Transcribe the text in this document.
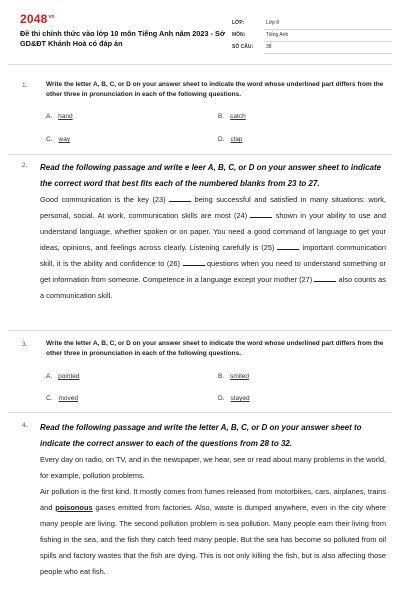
$2048^{vn}$
Đề thi chính thức vào lớp 10 môn Tiếng Anh năm 2023 - Sở GD&ĐT Khánh Hoà có đáp án
LỚP:	Lớp 9
MÔN:	Tiếng Anh
SỐ CÂU:	38
1.	Write the letter A, B, C, or D on your answer sheet to indicate the word whose underlined part differs from the other three in pronunciation in each of the following questions.
A. hand	B. catch
C. way	D. clap
2. Read the following passage and write e leer A, B, C, or D on your answer sheet to indicate the correct word that best fits each of the numbered blanks from 23 to 27.
Good communication is the key (23)	being successful and satisfied in many situations: work, personal, social. At work, communication skills are most (24)	shown in your ability to use and understand language, whether spoken or on paper. You need a good command of language to get your ideas, opinions, and feelings across clearly. Listening carefully is (25)	important communication skill, it is the ability and confidence to (26)	questions when you need to understand something or get information from someone. Competence in a language except your mother (27)	also counts as a communication skill.
3.	Write the letter A, B, C, or D on your answer sheet to indicate the word whose underlined part differs from the other three in pronunciation in each of the following questions.
A. pointed	B. smiled
C. moved	D. stayed
4. Read the following passage and write the letter A, B, C, or D on your answer sheet to indicate the correct answer to each of the questions from 28 to 32.
Every day on radio, on TV, and in the newspaper, we hear, see or read about many problems in the world, for example, pollution problems.
Air pollution is the first kind. It mostly comes from fumes released from motorbikes, cars, airplanes, trains and poisonous gases emitted from factories. Also, waste is dumped anywhere, even in the city where many people are living. The second pollution problem is sea pollution. Many people earn their living from fishing in the sea, and the fish they catch feed many people. But the sea has become so polluted from oil spills and factory wastes that the fish are dying. This is not only killing the fish, but is also affecting those people who eat fish.
